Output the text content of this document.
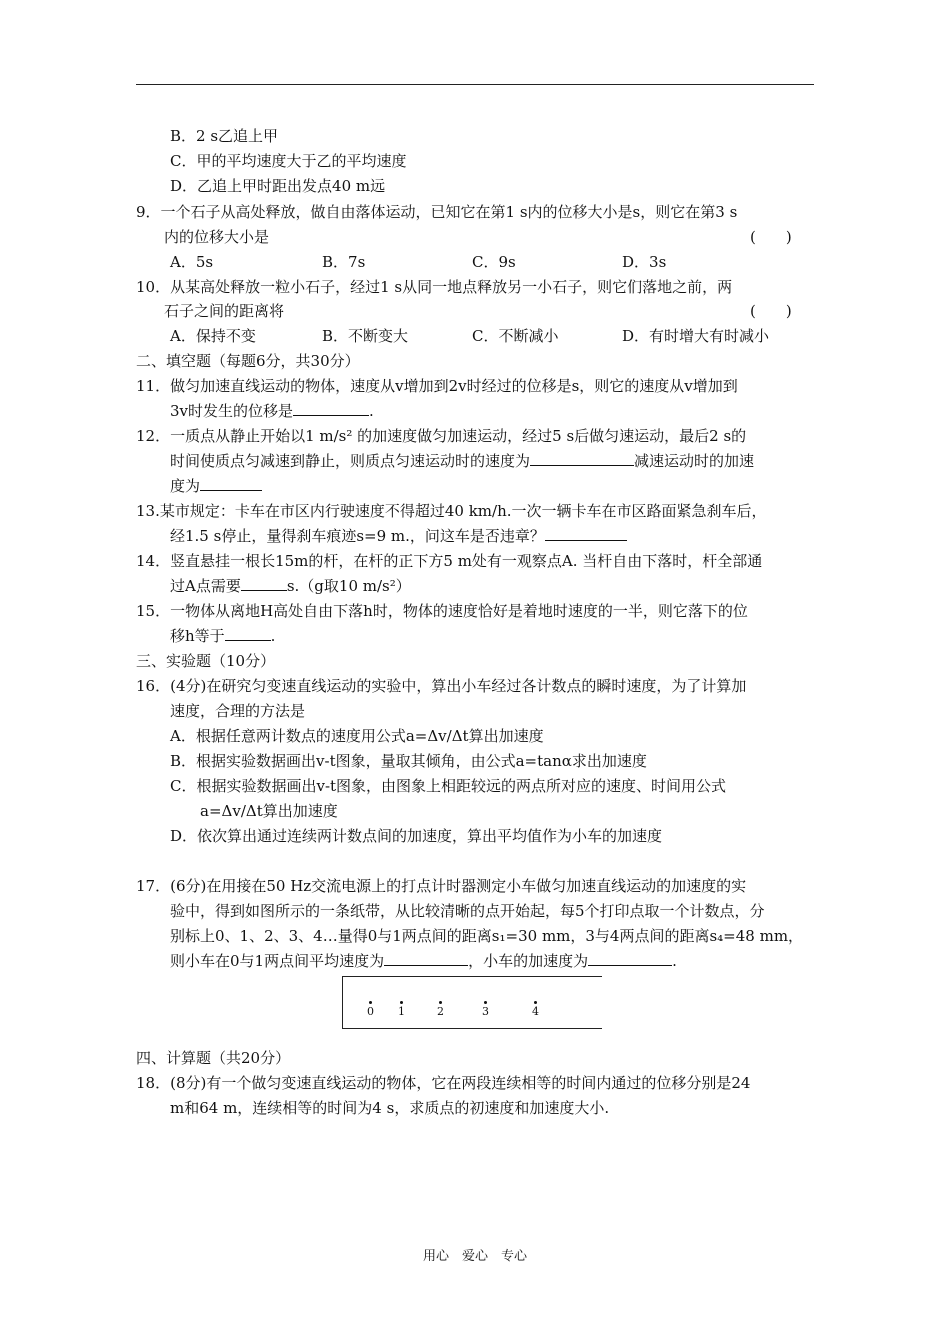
B．2 s乙追上甲
C．甲的平均速度大于乙的平均速度
D．乙追上甲时距出发点40 m远
9．一个石子从高处释放，做自由落体运动，已知它在第1 s内的位移大小是s，则它在第3 s
内的位移大小是	(　　)
A．5s	B．7s	C．9s	D．3s
10．从某高处释放一粒小石子，经过1 s从同一地点释放另一小石子，则它们落地之前，两
石子之间的距离将	(　　)
A．保持不变	B．不断变大	C．不断减小	D．有时增大有时减小
二、填空题（每题6分，共30分）
11．做匀加速直线运动的物体，速度从v增加到2v时经过的位移是s，则它的速度从v增加到
3v时发生的位移是	.
12．一质点从静止开始以1 m/s² 的加速度做匀加速运动，经过5 s后做匀速运动，最后2 s的
时间使质点匀减速到静止，则质点匀速运动时的速度为	减速运动时的加速
度为
13.某市规定：卡车在市区内行驶速度不得超过40 km/h.一次一辆卡车在市区路面紧急刹车后，
经1.5 s停止，量得刹车痕迹s=9 m.，问这车是否违章？
14．竖直悬挂一根长15m的杆，在杆的正下方5 m处有一观察点A. 当杆自由下落时，杆全部通
过A点需要	s.（g取10 m/s²）
15．一物体从离地H高处自由下落h时，物体的速度恰好是着地时速度的一半，则它落下的位
移h等于	.
三、实验题（10分）
16．(4分)在研究匀变速直线运动的实验中，算出小车经过各计数点的瞬时速度，为了计算加
速度，合理的方法是
A．根据任意两计数点的速度用公式a=Δv/Δt算出加速度
B．根据实验数据画出v-t图象，量取其倾角，由公式a=tanα求出加速度
C．根据实验数据画出v-t图象，由图象上相距较远的两点所对应的速度、时间用公式
a=Δv/Δt算出加速度
D．依次算出通过连续两计数点间的加速度，算出平均值作为小车的加速度
17．(6分)在用接在50 Hz交流电源上的打点计时器测定小车做匀加速直线运动的加速度的实
验中，得到如图所示的一条纸带，从比较清晰的点开始起，每5个打印点取一个计数点，分
别标上0、1、2、3、4…量得0与1两点间的距离s₁=30 mm，3与4两点间的距离s₄=48 mm，
则小车在0与1两点间平均速度为	，小车的加速度为	.
0 1	2	3	4
四、计算题（共20分）
18．(8分)有一个做匀变速直线运动的物体，它在两段连续相等的时间内通过的位移分别是24
m和64 m，连续相等的时间为4 s，求质点的初速度和加速度大小.
用心　爱心　专心
